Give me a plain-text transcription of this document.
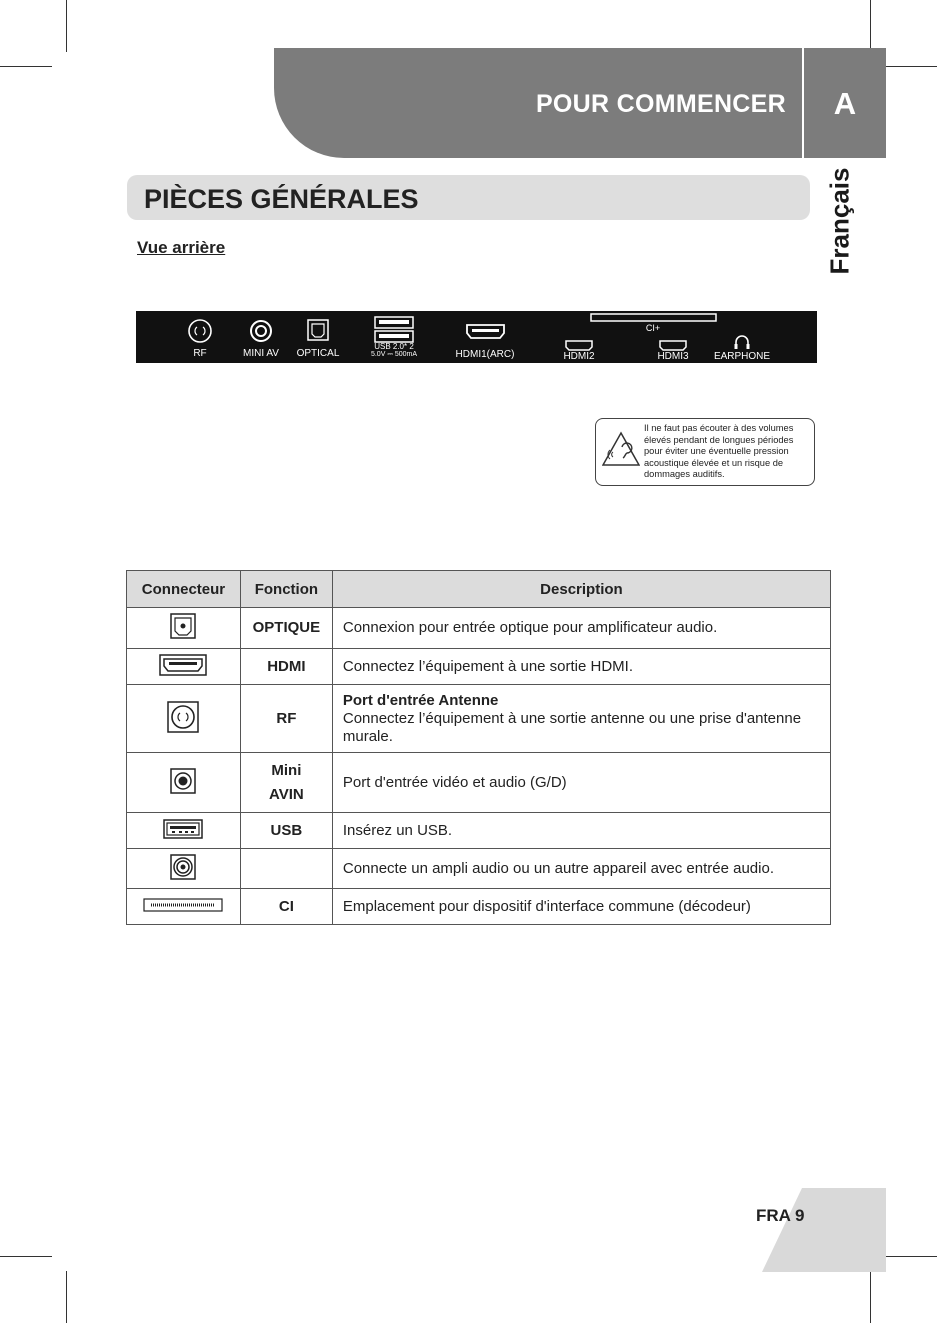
POUR COMMENCER	A
Français
PIÈCES GÉNÉRALES
Vue arrière
RF	MINI AV OPTICAL
USB 2.0* 2
5.0V ⎓ 500mA	HDMI1(ARC)
CI+
HDMI2	HDMI3	EARPHONE
Il ne faut pas écouter à des volumes élevés pendant de longues périodes pour éviter une éventuelle pression acoustique élevée et un risque de dommages auditifs.
Connecteur	Fonction	Description
	OPTIQUE	Connexion pour entrée optique pour amplificateur audio.
	HDMI	Connectez l’équipement à une sortie HDMI.
	RF	Port d'entrée Antenne
Connectez l’équipement à une sortie antenne ou une prise d'antenne murale.

Mini
AVIN	Port d'entrée vidéo et audio (G/D)
	USB	Insérez un USB.
		Connecte un ampli audio ou un autre appareil avec entrée audio.
	CI	Emplacement pour dispositif d'interface commune (décodeur)
FRA 9
